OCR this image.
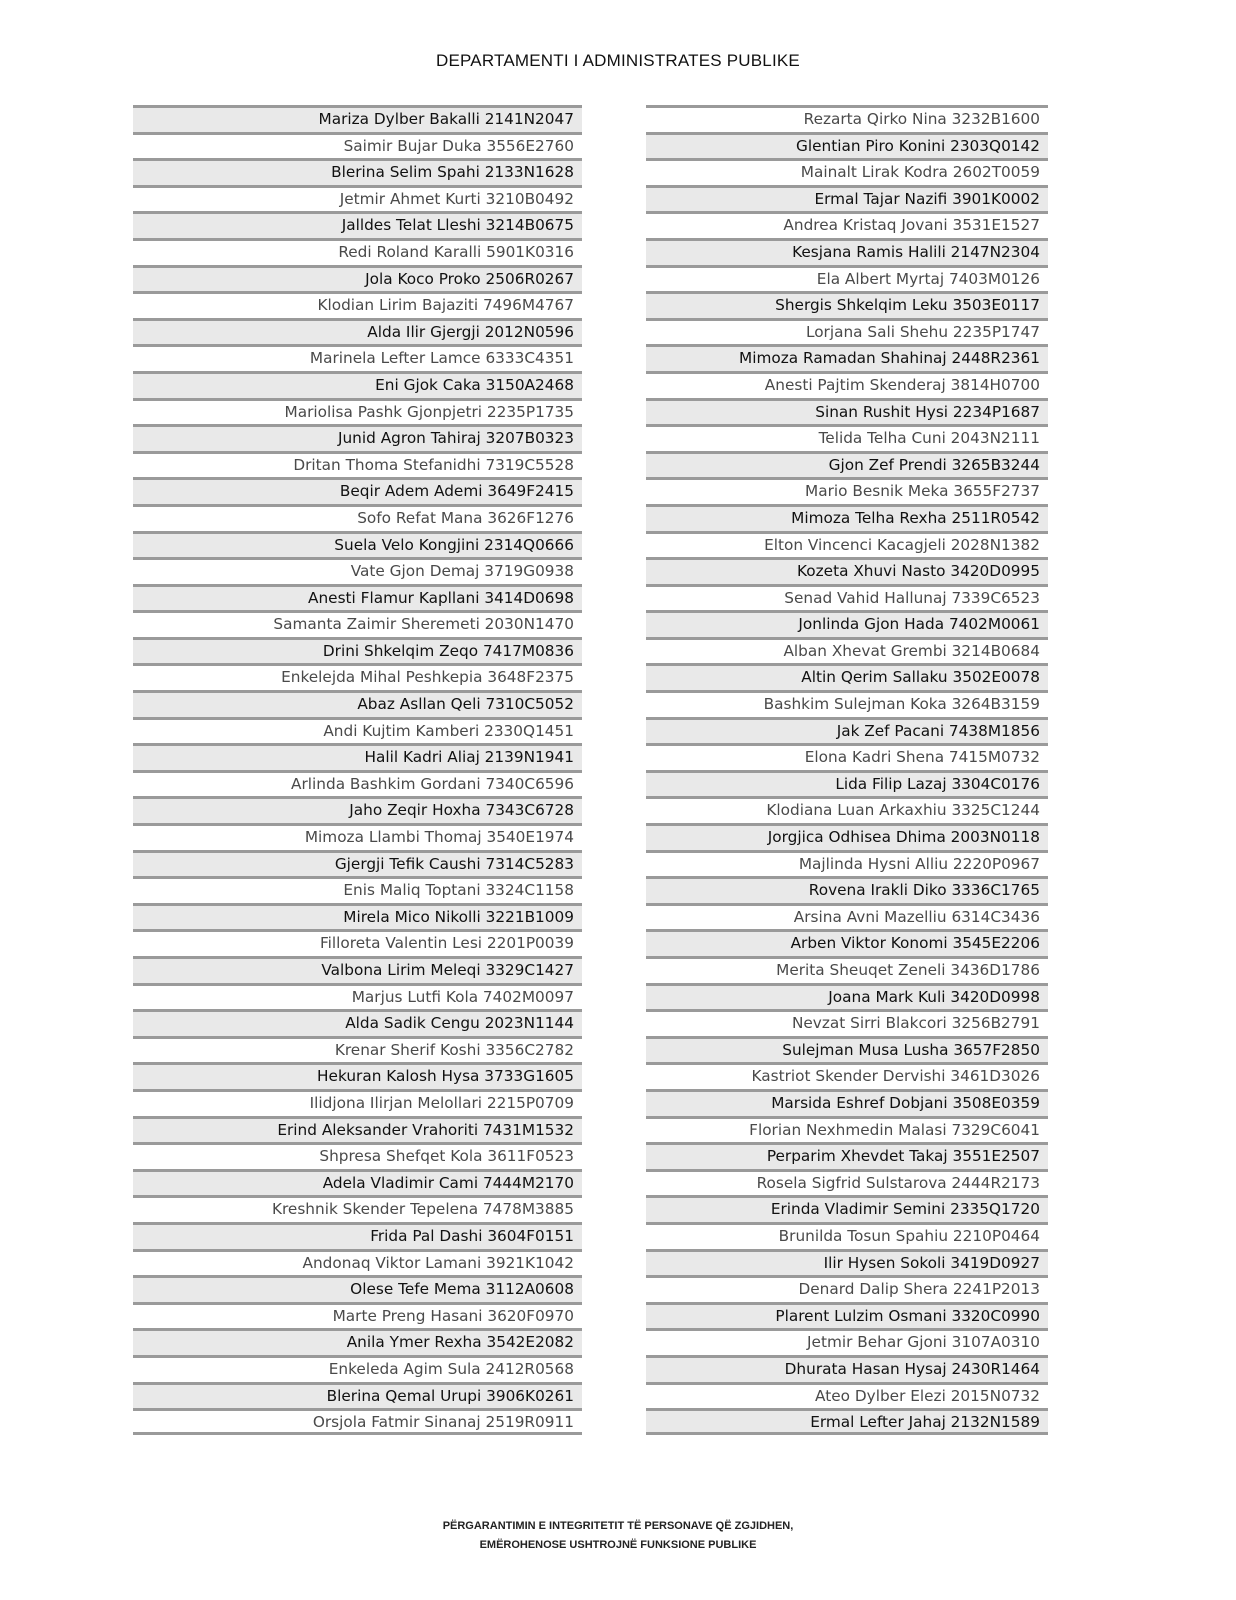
DEPARTAMENTI I ADMINISTRATES PUBLIKE
Mariza Dylber Bakalli 2141N2047
Saimir Bujar Duka 3556E2760
Blerina Selim Spahi 2133N1628
Jetmir Ahmet Kurti 3210B0492
Jalldes Telat Lleshi 3214B0675
Redi Roland Karalli 5901K0316
Jola Koco Proko 2506R0267
Klodian Lirim Bajaziti 7496M4767
Alda Ilir Gjergji 2012N0596
Marinela Lefter Lamce 6333C4351
Eni Gjok Caka 3150A2468
Mariolisa Pashk Gjonpjetri 2235P1735
Junid Agron Tahiraj 3207B0323
Dritan Thoma Stefanidhi 7319C5528
Beqir Adem Ademi 3649F2415
Sofo Refat Mana 3626F1276
Suela Velo Kongjini 2314Q0666
Vate Gjon Demaj 3719G0938
Anesti Flamur Kapllani 3414D0698
Samanta Zaimir Sheremeti 2030N1470
Drini Shkelqim Zeqo 7417M0836
Enkelejda Mihal Peshkepia 3648F2375
Abaz Asllan Qeli 7310C5052
Andi Kujtim Kamberi 2330Q1451
Halil Kadri Aliaj 2139N1941
Arlinda Bashkim Gordani 7340C6596
Jaho Zeqir Hoxha 7343C6728
Mimoza Llambi Thomaj 3540E1974
Gjergji Tefik Caushi 7314C5283
Enis Maliq Toptani 3324C1158
Mirela Mico Nikolli 3221B1009
Filloreta Valentin Lesi 2201P0039
Valbona Lirim Meleqi 3329C1427
Marjus Lutfi Kola 7402M0097
Alda Sadik Cengu 2023N1144
Krenar Sherif Koshi 3356C2782
Hekuran Kalosh Hysa 3733G1605
Ilidjona Ilirjan Melollari 2215P0709
Erind Aleksander Vrahoriti 7431M1532
Shpresa Shefqet Kola 3611F0523
Adela Vladimir Cami 7444M2170
Kreshnik Skender Tepelena 7478M3885
Frida Pal Dashi 3604F0151
Andonaq Viktor Lamani 3921K1042
Olese Tefe Mema 3112A0608
Marte Preng Hasani 3620F0970
Anila Ymer Rexha 3542E2082
Enkeleda Agim Sula 2412R0568
Blerina Qemal Urupi 3906K0261
Orsjola Fatmir Sinanaj 2519R0911
Rezarta Qirko Nina 3232B1600
Glentian Piro Konini 2303Q0142
Mainalt Lirak Kodra 2602T0059
Ermal Tajar Nazifi 3901K0002
Andrea Kristaq Jovani 3531E1527
Kesjana Ramis Halili 2147N2304
Ela Albert Myrtaj 7403M0126
Shergis Shkelqim Leku 3503E0117
Lorjana Sali Shehu 2235P1747
Mimoza Ramadan Shahinaj 2448R2361
Anesti Pajtim Skenderaj 3814H0700
Sinan Rushit Hysi 2234P1687
Telida Telha Cuni 2043N2111
Gjon Zef Prendi 3265B3244
Mario Besnik Meka 3655F2737
Mimoza Telha Rexha 2511R0542
Elton Vincenci Kacagjeli 2028N1382
Kozeta Xhuvi Nasto 3420D0995
Senad Vahid Hallunaj 7339C6523
Jonlinda Gjon Hada 7402M0061
Alban Xhevat Grembi 3214B0684
Altin Qerim Sallaku 3502E0078
Bashkim Sulejman Koka 3264B3159
Jak Zef Pacani 7438M1856
Elona Kadri Shena 7415M0732
Lida Filip Lazaj 3304C0176
Klodiana Luan Arkaxhiu 3325C1244
Jorgjica Odhisea Dhima 2003N0118
Majlinda Hysni Alliu 2220P0967
Rovena Irakli Diko 3336C1765
Arsina Avni Mazelliu 6314C3436
Arben Viktor Konomi 3545E2206
Merita Sheuqet Zeneli 3436D1786
Joana Mark Kuli 3420D0998
Nevzat Sirri Blakcori 3256B2791
Sulejman Musa Lusha 3657F2850
Kastriot Skender Dervishi 3461D3026
Marsida Eshref Dobjani 3508E0359
Florian Nexhmedin Malasi 7329C6041
Perparim Xhevdet Takaj 3551E2507
Rosela Sigfrid Sulstarova 2444R2173
Erinda Vladimir Semini 2335Q1720
Brunilda Tosun Spahiu 2210P0464
Ilir Hysen Sokoli 3419D0927
Denard Dalip Shera 2241P2013
Plarent Lulzim Osmani 3320C0990
Jetmir Behar Gjoni 3107A0310
Dhurata Hasan Hysaj 2430R1464
Ateo Dylber Elezi 2015N0732
Ermal Lefter Jahaj 2132N1589
PËRGARANTIMIN E INTEGRITETIT TË PERSONAVE QË ZGJIDHEN,
EMËROHENOSE USHTROJNË FUNKSIONE PUBLIKE
